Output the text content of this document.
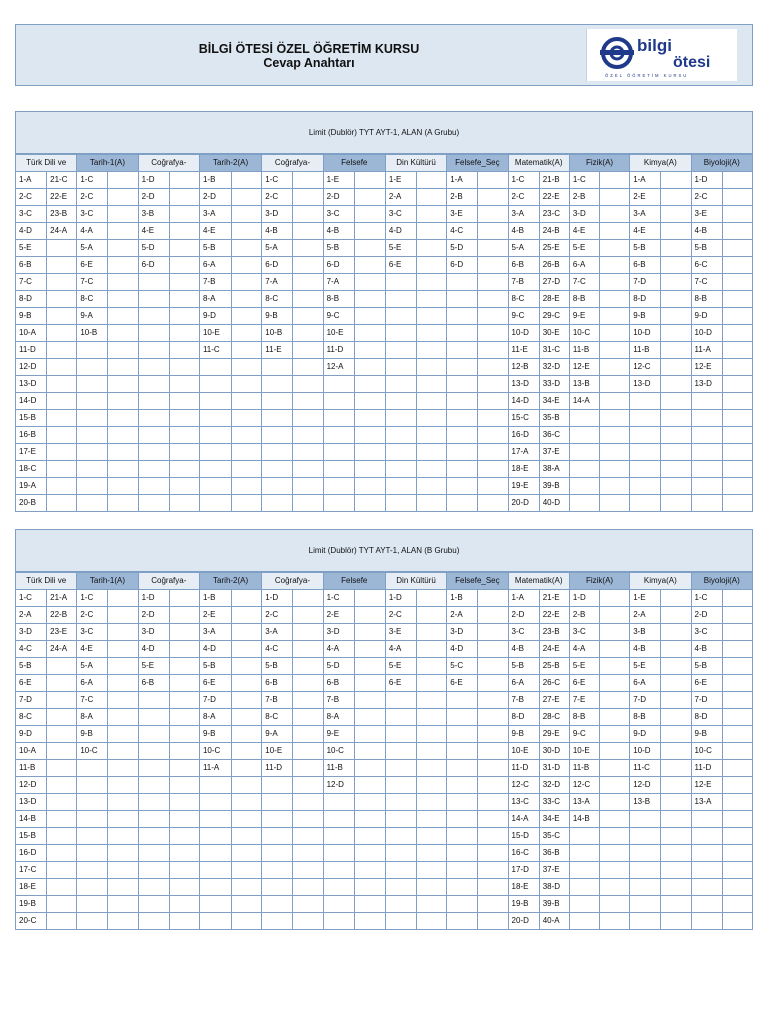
BİLGİ ÖTESİ ÖZEL ÖĞRETİM KURSU
Cevap Anahtarı
bilgi
ötesi
ÖZEL ÖĞRETİM KURSU
Limit (Dublör) TYT AYT-1, ALAN (A Grubu)
Türk Dili ve		Tarih-1(A)		Coğrafya-		Tarih-2(A)		Coğrafya-		Felsefe		Din Kültürü		Felsefe_Seç		Matematik(A)		Fizik(A)		Kimya(A)		Biyoloji(A)	
1-A	21-C	1-C		1-D		1-B		1-C		1-E		1-E		1-A		1-C	21-B	1-C		1-A		1-D	
2-C	22-E	2-C		2-D		2-D		2-C		2-D		2-A		2-B		2-C	22-E	2-B		2-E		2-C	
3-C	23-B	3-C		3-B		3-A		3-D		3-C		3-C		3-E		3-A	23-C	3-D		3-A		3-E	
4-D	24-A	4-A		4-E		4-E		4-B		4-B		4-D		4-C		4-B	24-B	4-E		4-E		4-B	
5-E		5-A		5-D		5-B		5-A		5-B		5-E		5-D		5-A	25-E	5-E		5-B		5-B	
6-B		6-E		6-D		6-A		6-D		6-D		6-E		6-D		6-B	26-B	6-A		6-B		6-C	
7-C		7-C				7-B		7-A		7-A						7-B	27-D	7-C		7-D		7-C	
8-D		8-C				8-A		8-C		8-B						8-C	28-E	8-B		8-D		8-B	
9-B		9-A				9-D		9-B		9-C						9-C	29-C	9-E		9-B		9-D	
10-A		10-B				10-E		10-B		10-E						10-D	30-E	10-C		10-D		10-D	
11-D						11-C		11-E		11-D						11-E	31-C	11-B		11-B		11-A	
12-D										12-A						12-B	32-D	12-E		12-C		12-E	
13-D																13-D	33-D	13-B		13-D		13-D	
14-D																14-D	34-E	14-A					
15-B																15-C	35-B						
16-B																16-D	36-C						
17-E																17-A	37-E						
18-C																18-E	38-A						
19-A																19-E	39-B						
20-B																20-D	40-D						
Limit (Dublör) TYT AYT-1, ALAN (B Grubu)
Türk Dili ve		Tarih-1(A)		Coğrafya-		Tarih-2(A)		Coğrafya-		Felsefe		Din Kültürü		Felsefe_Seç		Matematik(A)		Fizik(A)		Kimya(A)		Biyoloji(A)	
1-C	21-A	1-C		1-D		1-B		1-D		1-C		1-D		1-B		1-A	21-E	1-D		1-E		1-C	
2-A	22-B	2-C		2-D		2-E		2-C		2-E		2-C		2-A		2-D	22-E	2-B		2-A		2-D	
3-D	23-E	3-C		3-D		3-A		3-A		3-D		3-E		3-D		3-C	23-B	3-C		3-B		3-C	
4-C	24-A	4-E		4-D		4-D		4-C		4-A		4-A		4-D		4-B	24-E	4-A		4-B		4-B	
5-B		5-A		5-E		5-B		5-B		5-D		5-E		5-C		5-B	25-B	5-E		5-E		5-B	
6-E		6-A		6-B		6-E		6-B		6-B		6-E		6-E		6-A	26-C	6-E		6-A		6-E	
7-D		7-C				7-D		7-B		7-B						7-B	27-E	7-E		7-D		7-D	
8-C		8-A				8-A		8-C		8-A						8-D	28-C	8-B		8-B		8-D	
9-D		9-B				9-B		9-A		9-E						9-B	29-E	9-C		9-D		9-B	
10-A		10-C				10-C		10-E		10-C						10-E	30-D	10-E		10-D		10-C	
11-B						11-A		11-D		11-B						11-D	31-D	11-B		11-C		11-D	
12-D										12-D						12-C	32-D	12-C		12-D		12-E	
13-D																13-C	33-C	13-A		13-B		13-A	
14-B																14-A	34-E	14-B					
15-B																15-D	35-C						
16-D																16-C	36-B						
17-C																17-D	37-E						
18-E																18-E	38-D						
19-B																19-B	39-B						
20-C																20-D	40-A						
